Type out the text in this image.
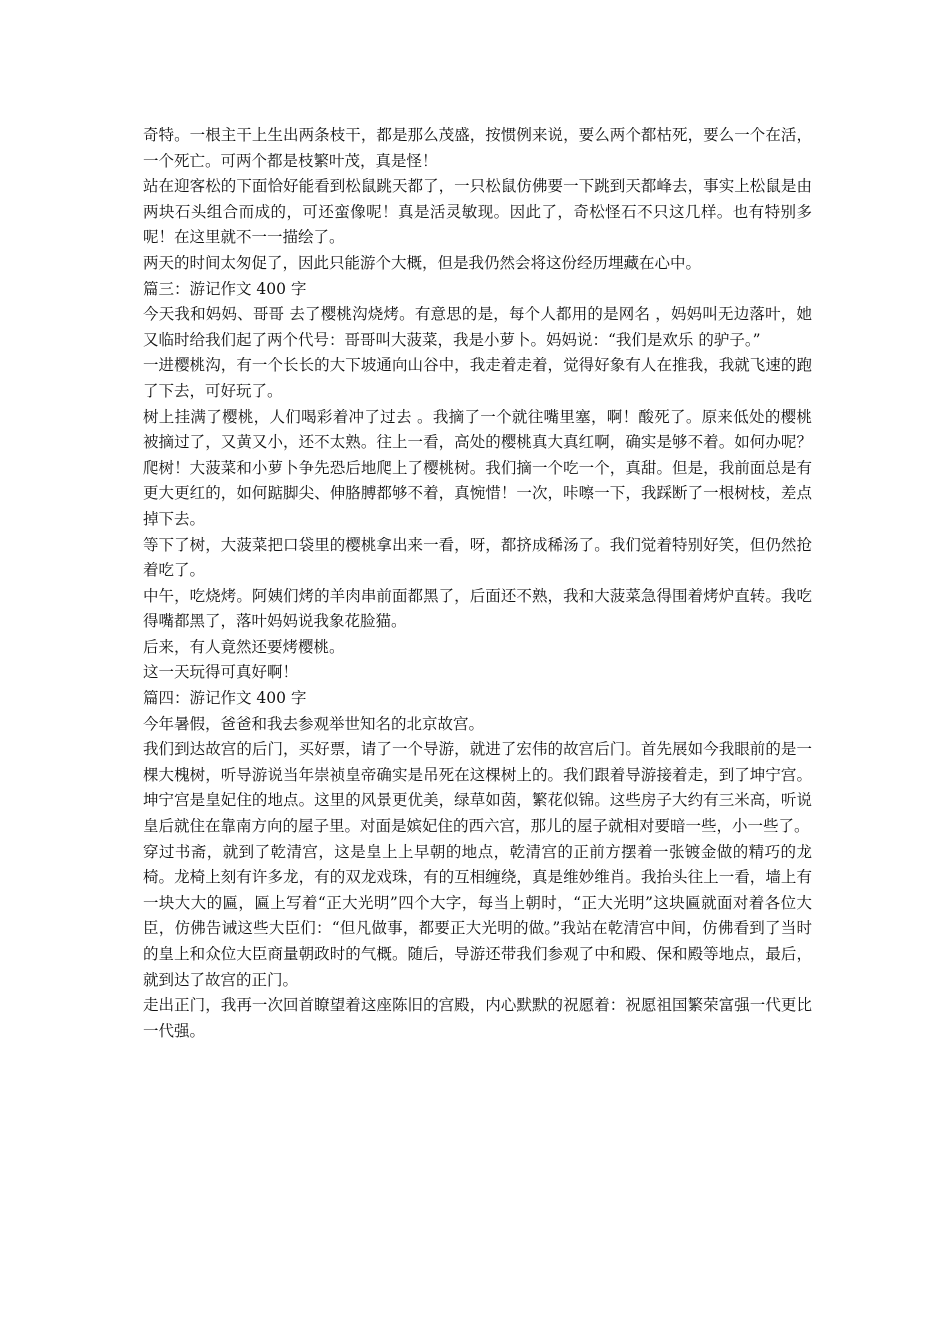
奇特。一根主干上生出两条枝干，都是那么茂盛，按惯例来说，要么两个都枯死，要么一个在活，一个死亡。可两个都是枝繁叶茂，真是怪！

站在迎客松的下面恰好能看到松鼠跳天都了，一只松鼠仿佛要一下跳到天都峰去，事实上松鼠是由两块石头组合而成的，可还蛮像呢！真是活灵敏现。因此了，奇松怪石不只这几样。也有特别多呢！在这里就不一一描绘了。

两天的时间太匆促了，因此只能游个大概，但是我仍然会将这份经历埋藏在心中。

篇三：游记作文 400 字

今天我和妈妈、哥哥 去了樱桃沟烧烤。有意思的是，每个人都用的是网名 ，妈妈叫无边落叶，她又临时给我们起了两个代号：哥哥叫大菠菜，我是小萝卜。妈妈说：“我们是欢乐 的驴子。”

一进樱桃沟，有一个长长的大下坡通向山谷中，我走着走着，觉得好象有人在推我，我就飞速的跑了下去，可好玩了。

树上挂满了樱桃，人们喝彩着冲了过去 。我摘了一个就往嘴里塞，啊！酸死了。原来低处的樱桃被摘过了，又黄又小，还不太熟。往上一看，高处的樱桃真大真红啊，确实是够不着。如何办呢？爬树！大菠菜和小萝卜争先恐后地爬上了樱桃树。我们摘一个吃一个，真甜。但是，我前面总是有更大更红的，如何踮脚尖、伸胳膊都够不着，真惋惜！一次，咔嚓一下，我踩断了一根树枝，差点掉下去。

等下了树，大菠菜把口袋里的樱桃拿出来一看，呀，都挤成稀汤了。我们觉着特别好笑，但仍然抢着吃了。

中午，吃烧烤。阿姨们烤的羊肉串前面都黑了，后面还不熟，我和大菠菜急得围着烤炉直转。我吃得嘴都黑了，落叶妈妈说我象花脸猫。

后来，有人竟然还要烤樱桃。

这一天玩得可真好啊！

篇四：游记作文 400 字

今年暑假，爸爸和我去参观举世知名的北京故宫。

我们到达故宫的后门，买好票，请了一个导游，就进了宏伟的故宫后门。首先展如今我眼前的是一棵大槐树，听导游说当年崇祯皇帝确实是吊死在这棵树上的。我们跟着导游接着走，到了坤宁宫。坤宁宫是皇妃住的地点。这里的风景更优美，绿草如茵，繁花似锦。这些房子大约有三米高，听说皇后就住在靠南方向的屋子里。对面是嫔妃住的西六宫，那儿的屋子就相对要暗一些，小一些了。

穿过书斋，就到了乾清宫，这是皇上上早朝的地点，乾清宫的正前方摆着一张镀金做的精巧的龙椅。龙椅上刻有许多龙，有的双龙戏珠，有的互相缠绕，真是维妙维肖。我抬头往上一看，墙上有一块大大的匾，匾上写着“正大光明”四个大字，每当上朝时，“正大光明”这块匾就面对着各位大臣，仿佛告诫这些大臣们：“但凡做事，都要正大光明的做。”我站在乾清宫中间，仿佛看到了当时的皇上和众位大臣商量朝政时的气概。随后，导游还带我们参观了中和殿、保和殿等地点，最后，就到达了故宫的正门。

走出正门，我再一次回首瞭望着这座陈旧的宫殿，内心默默的祝愿着：祝愿祖国繁荣富强一代更比一代强。
